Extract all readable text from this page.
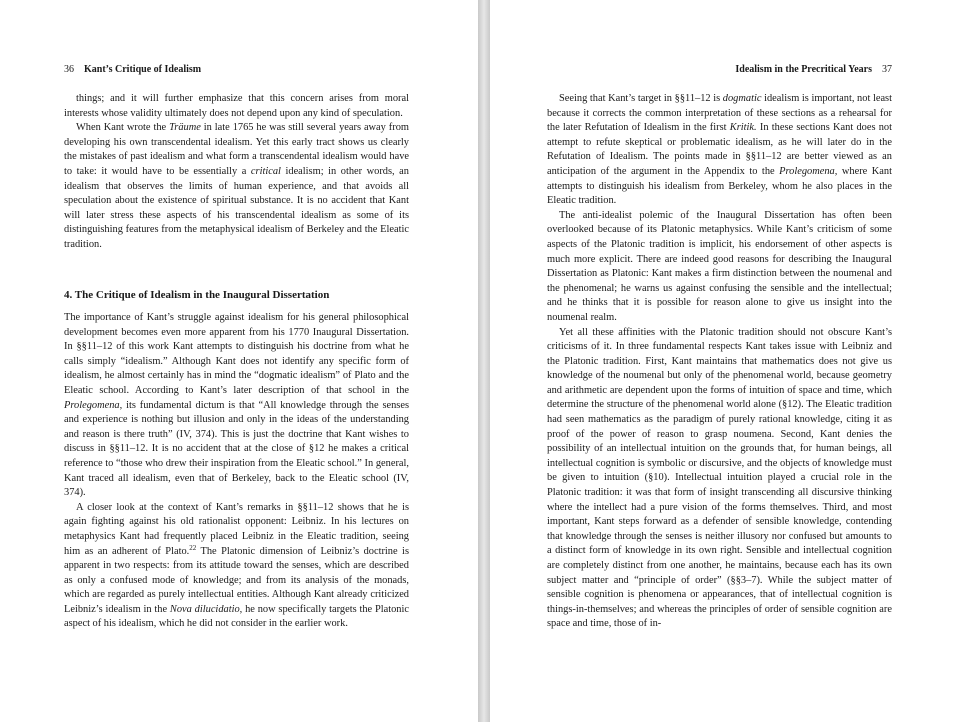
36 Kant’s Critique of Idealism

things; and it will further emphasize that this concern arises from moral interests whose validity ultimately does not depend upon any kind of speculation.

When Kant wrote the Träume in late 1765 he was still several years away from developing his own transcendental idealism. Yet this early tract shows us clearly the mistakes of past idealism and what form a transcendental idealism would have to take: it would have to be essentially a critical idealism; in other words, an idealism that observes the limits of human experience, and that avoids all speculation about the existence of spiritual substance. It is no accident that Kant will later stress these aspects of his transcendental idealism as some of its distinguishing features from the metaphysical idealism of Berkeley and the Eleatic tradition.

4. The Critique of Idealism in the Inaugural Dissertation

The importance of Kant’s struggle against idealism for his general philosophical development becomes even more apparent from his 1770 Inaugural Dissertation. In §§11–12 of this work Kant attempts to distinguish his doctrine from what he calls simply “idealism.” Although Kant does not identify any specific form of idealism, he almost certainly has in mind the “dogmatic idealism” of Plato and the Eleatic school. According to Kant’s later description of that school in the Prolegomena, its fundamental dictum is that “All knowledge through the senses and experience is nothing but illusion and only in the ideas of the understanding and reason is there truth” (IV, 374). This is just the doctrine that Kant wishes to discuss in §§11–12. It is no accident that at the close of §12 he makes a critical reference to “those who drew their inspiration from the Eleatic school.” In general, Kant traced all idealism, even that of Berkeley, back to the Eleatic school (IV, 374).

A closer look at the context of Kant’s remarks in §§11–12 shows that he is again fighting against his old rationalist opponent: Leibniz. In his lectures on metaphysics Kant had frequently placed Leibniz in the Eleatic tradition, seeing him as an adherent of Plato.$^{22}$ The Platonic dimension of Leibniz’s doctrine is apparent in two respects: from its attitude toward the senses, which are described as only a confused mode of knowledge; and from its analysis of the monads, which are regarded as purely intellectual entities. Although Kant already criticized Leibniz’s idealism in the Nova dilucidatio, he now specifically targets the Platonic aspect of his idealism, which he did not consider in the earlier work.

Idealism in the Precritical Years 37

Seeing that Kant’s target in §§11–12 is dogmatic idealism is important, not least because it corrects the common interpretation of these sections as a rehearsal for the later Refutation of Idealism in the first Kritik. In these sections Kant does not attempt to refute skeptical or problematic idealism, as he will later do in the Refutation of Idealism. The points made in §§11–12 are better viewed as an anticipation of the argument in the Appendix to the Prolegomena, where Kant attempts to distinguish his idealism from Berkeley, whom he also places in the Eleatic tradition.

The anti-idealist polemic of the Inaugural Dissertation has often been overlooked because of its Platonic metaphysics. While Kant’s criticism of some aspects of the Platonic tradition is implicit, his endorsement of other aspects is much more explicit. There are indeed good reasons for describing the Inaugural Dissertation as Platonic: Kant makes a firm distinction between the noumenal and the phenomenal; he warns us against confusing the sensible and the intellectual; and he thinks that it is possible for reason alone to give us insight into the noumenal realm.

Yet all these affinities with the Platonic tradition should not obscure Kant’s criticisms of it. In three fundamental respects Kant takes issue with Leibniz and the Platonic tradition. First, Kant maintains that mathematics does not give us knowledge of the noumenal but only of the phenomenal world, because geometry and arithmetic are dependent upon the forms of intuition of space and time, which determine the structure of the phenomenal world alone (§12). The Eleatic tradition had seen mathematics as the paradigm of purely rational knowledge, citing it as proof of the power of reason to grasp noumena. Second, Kant denies the possibility of an intellectual intuition on the grounds that, for human beings, all intellectual cognition is symbolic or discursive, and the objects of knowledge must be given to intuition (§10). Intellectual intuition played a crucial role in the Platonic tradition: it was that form of insight transcending all discursive thinking where the intellect had a pure vision of the forms themselves. Third, and most important, Kant steps forward as a defender of sensible knowledge, contending that knowledge through the senses is neither illusory nor confused but amounts to a distinct form of knowledge in its own right. Sensible and intellectual cognition are completely distinct from one another, he maintains, because each has its own subject matter and “principle of order” (§§3–7). While the subject matter of sensible cognition is phenomena or appearances, that of intellectual cognition is things-in-themselves; and whereas the principles of order of sensible cognition are space and time, those of in-
